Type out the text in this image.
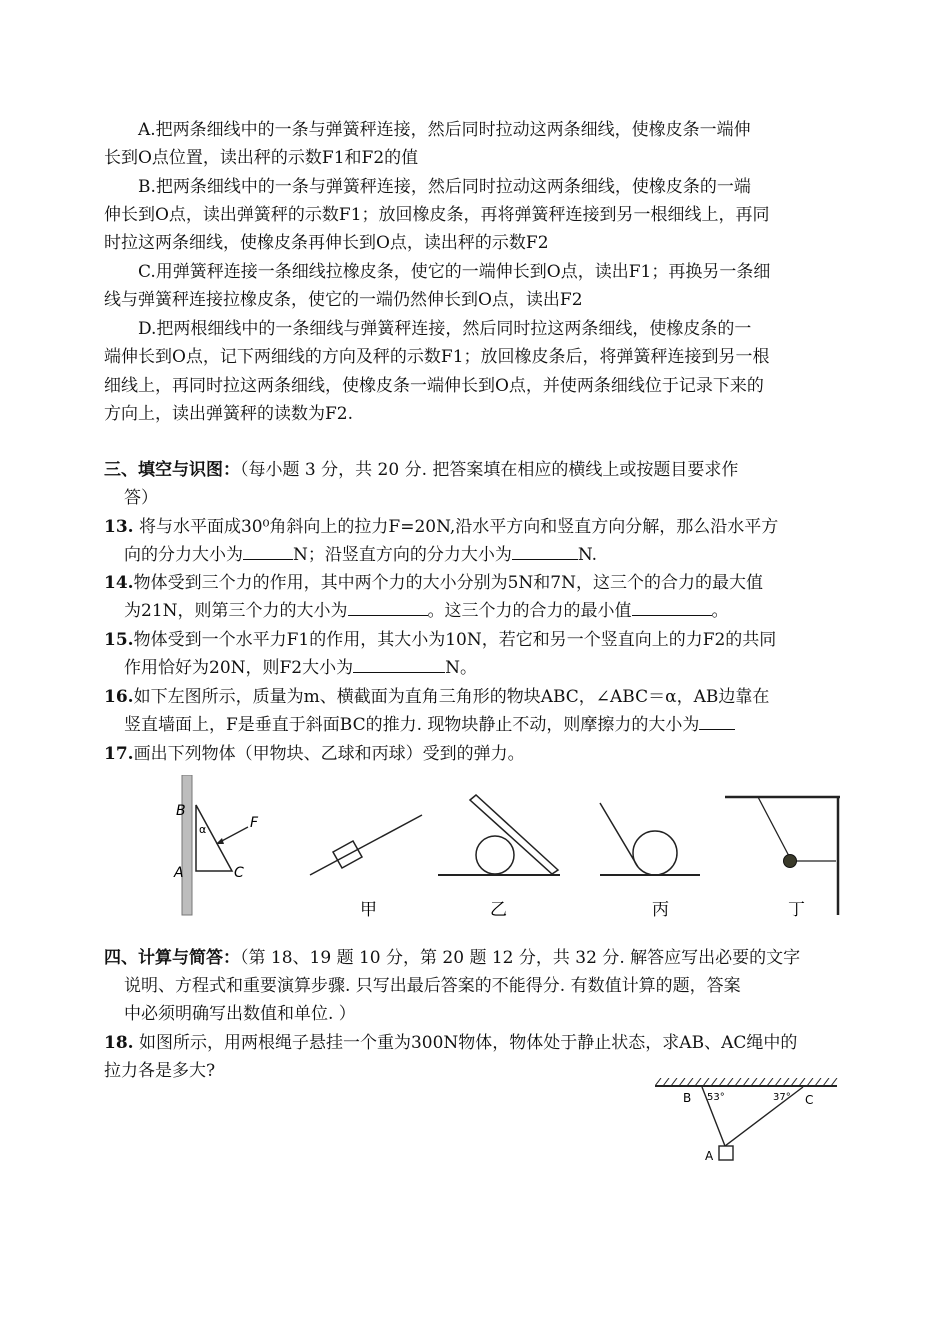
A.把两条细线中的一条与弹簧秤连接，然后同时拉动这两条细线，使橡皮条一端伸
长到O点位置，读出秤的示数F1和F2的值
B.把两条细线中的一条与弹簧秤连接，然后同时拉动这两条细线，使橡皮条的一端
伸长到O点，读出弹簧秤的示数F1；放回橡皮条，再将弹簧秤连接到另一根细线上，再同
时拉这两条细线，使橡皮条再伸长到O点，读出秤的示数F2
C.用弹簧秤连接一条细线拉橡皮条，使它的一端伸长到O点，读出F1；再换另一条细
线与弹簧秤连接拉橡皮条，使它的一端仍然伸长到O点，读出F2
D.把两根细线中的一条细线与弹簧秤连接，然后同时拉这两条细线，使橡皮条的一
端伸长到O点，记下两细线的方向及秤的示数F1；放回橡皮条后，将弹簧秤连接到另一根
细线上，再同时拉这两条细线，使橡皮条一端伸长到O点，并使两条细线位于记录下来的
方向上，读出弹簧秤的读数为F2.
三、填空与识图：（每小题 3 分，共 20 分. 把答案填在相应的横线上或按题目要求作
答）
13. 将与水平面成30⁰角斜向上的拉力F=20N,沿水平方向和竖直方向分解，那么沿水平方
向的分力大小为	N；沿竖直方向的分力大小为	N.
14.物体受到三个力的作用，其中两个力的大小分别为5N和7N，这三个的合力的最大值
为21N，则第三个力的大小为	。这三个力的合力的最小值	。
15.物体受到一个水平力F1的作用，其大小为10N，若它和另一个竖直向上的力F2的共同
作用恰好为20N，则F2大小为	N。
16.如下左图所示，质量为m、横截面为直角三角形的物块ABC，∠ABC＝α，AB边靠在
竖直墙面上，F是垂直于斜面BC的推力. 现物块静止不动，则摩擦力的大小为
17.画出下列物体（甲物块、乙球和丙球）受到的弹力。
B
A	C
F
α
甲	乙	丙	丁
四、计算与简答：（第 18、19 题 10 分，第 20 题 12 分，共 32 分. 解答应写出必要的文字
说明、方程式和重要演算步骤. 只写出最后答案的不能得分. 有数值计算的题，答案
中必须明确写出数值和单位. ）
18. 如图所示，用两根绳子悬挂一个重为300N物体，物体处于静止状态，求AB、AC绳中的
拉力各是多大?
B 53°	37° C
A
